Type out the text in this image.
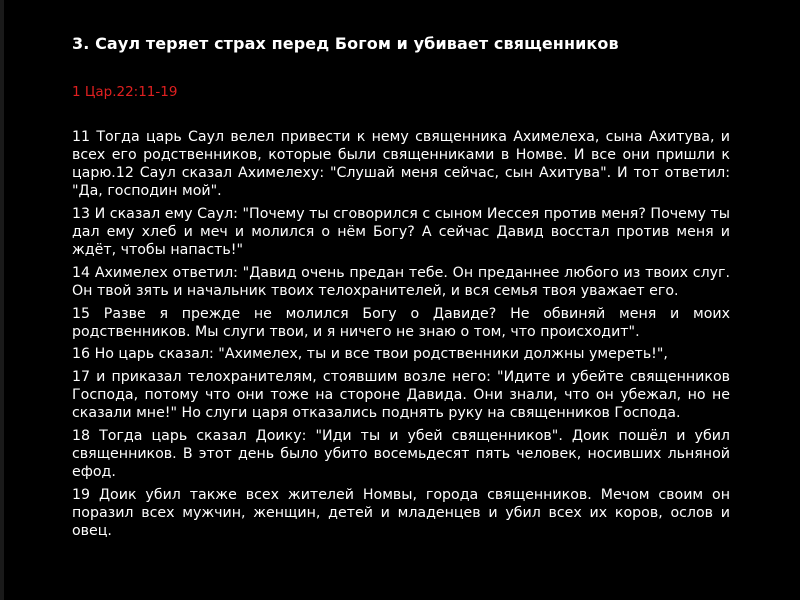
3. Саул теряет страх перед Богом и убивает священников
1 Цар.22:11-19

11 Тогда царь Саул велел привести к нему священника Ахимелеха, сына Ахитува, и всех его родственников, которые были священниками в Номве. И все они пришли к царю.12 Саул сказал Ахимелеху: "Слушай меня сейчас, сын Ахитува". И тот ответил: "Да, господин мой".

13 И сказал ему Саул: "Почему ты сговорился с сыном Иессея против меня? Почему ты дал ему хлеб и меч и молился о нём Богу? А сейчас Давид восстал против меня и ждёт, чтобы напасть!"

14 Ахимелех ответил: "Давид очень предан тебе. Он преданнее любого из твоих слуг. Он твой зять и начальник твоих телохранителей, и вся семья твоя уважает его.

15 Разве я прежде не молился Богу о Давиде? Не обвиняй меня и моих родственников. Мы слуги твои, и я ничего не знаю о том, что происходит".

16 Но царь сказал: "Ахимелех, ты и все твои родственники должны умереть!",

17 и приказал телохранителям, стоявшим возле него: "Идите и убейте священников Господа, потому что они тоже на стороне Давида. Они знали, что он убежал, но не сказали мне!" Но слуги царя отказались поднять руку на священников Господа.

18 Тогда царь сказал Доику: "Иди ты и убей священников". Доик пошёл и убил священников. В этот день было убито восемьдесят пять человек, носивших льняной ефод.

19 Доик убил также всех жителей Номвы, города священников. Мечом своим он поразил всех мужчин, женщин, детей и младенцев и убил всех их коров, ослов и овец.
